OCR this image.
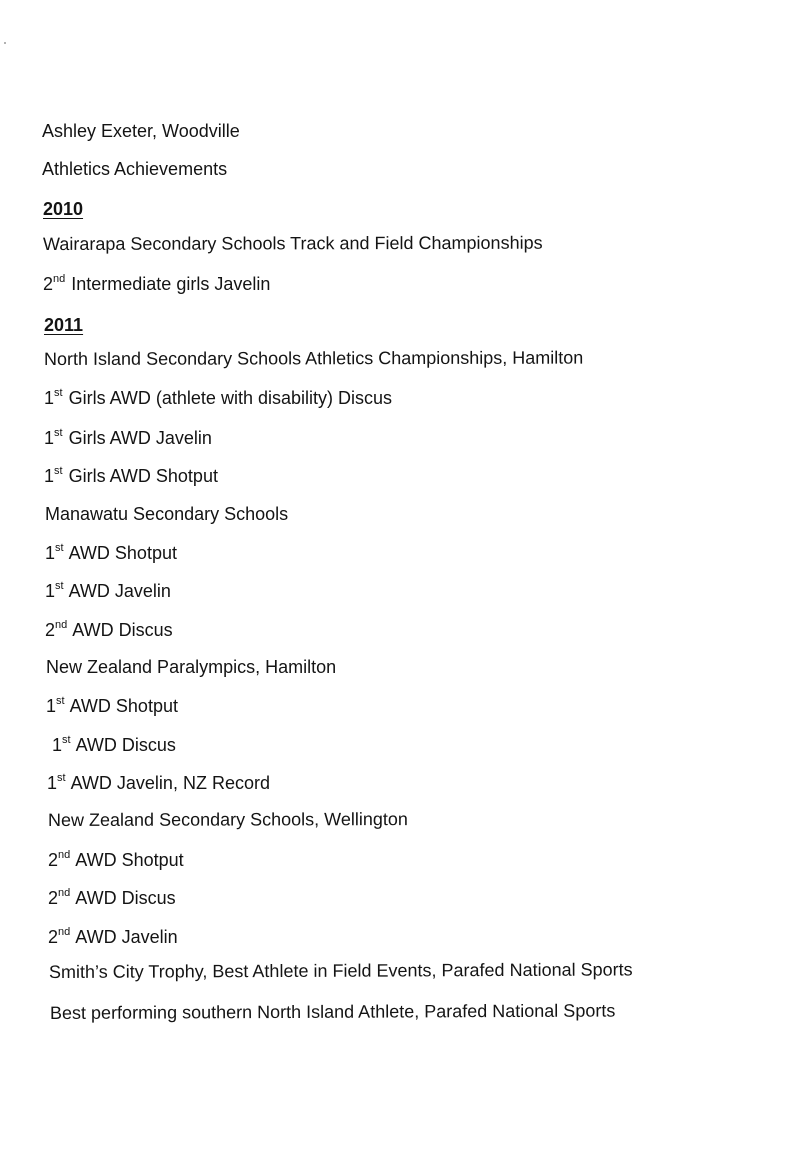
Ashley Exeter, Woodville
Athletics Achievements
2010
Wairarapa Secondary Schools Track and Field Championships
2nd Intermediate girls Javelin
2011
North Island Secondary Schools Athletics Championships, Hamilton
1st Girls AWD (athlete with disability) Discus
1st Girls AWD Javelin
1st Girls AWD Shotput
Manawatu Secondary Schools
1st AWD Shotput
1st AWD Javelin
2nd AWD Discus
New Zealand Paralympics, Hamilton
1st AWD Shotput
1st AWD Discus
1st AWD Javelin, NZ Record
New Zealand Secondary Schools, Wellington
2nd AWD Shotput
2nd AWD Discus
2nd AWD Javelin
Smith’s City Trophy, Best Athlete in Field Events, Parafed National Sports
Best performing southern North Island Athlete, Parafed National Sports
